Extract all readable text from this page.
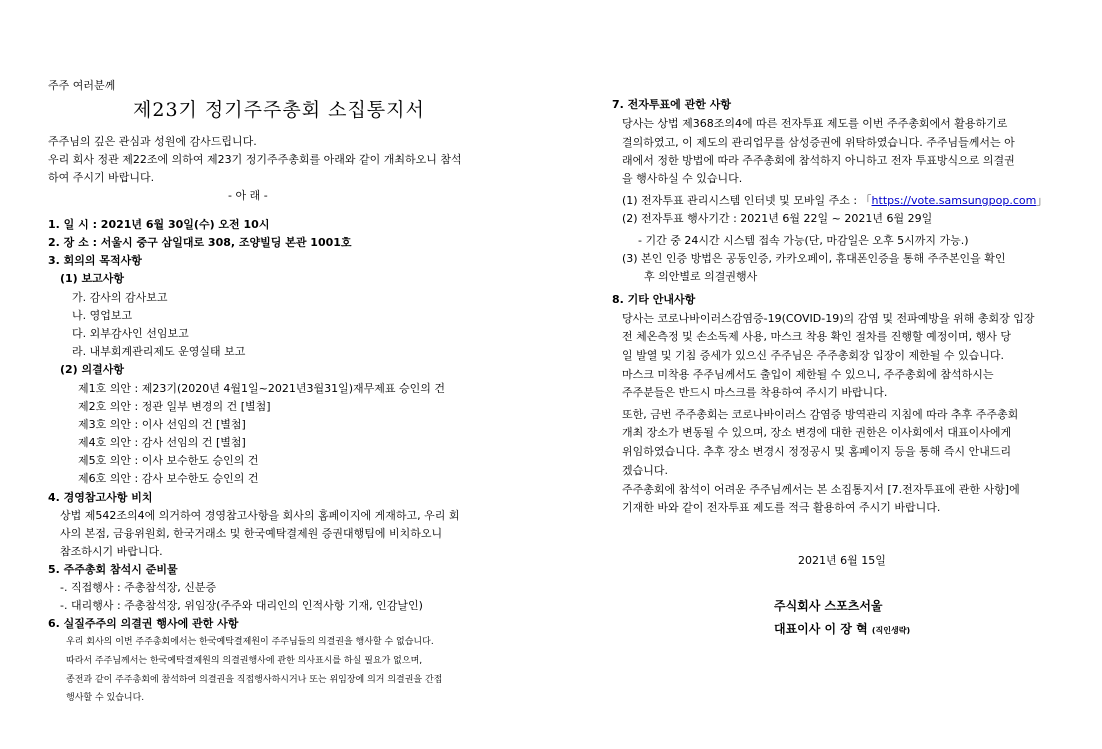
주주 여러분께
제23기 정기주주총회 소집통지서
주주님의 깊은 관심과 성원에 감사드립니다.
우리 회사 정관 제22조에 의하여 제23기 정기주주총회를 아래와 같이 개최하오니 참석
하여 주시기 바랍니다.
- 아 래 -
1. 일 시 : 2021년 6월 30일(수) 오전 10시
2. 장 소 : 서울시 중구 삼일대로 308, 조양빌딩 본관 1001호
3. 회의의 목적사항
(1) 보고사항
가. 감사의 감사보고
나. 영업보고
다. 외부감사인 선임보고
라. 내부회계관리제도 운영실태 보고
(2) 의결사항
제1호 의안 : 제23기(2020년 4월1일~2021년3월31일)재무제표 승인의 건
제2호 의안 : 정관 일부 변경의 건 [별첨]
제3호 의안 : 이사 선임의 건 [별첨]
제4호 의안 : 감사 선임의 건 [별첨]
제5호 의안 : 이사 보수한도 승인의 건
제6호 의안 : 감사 보수한도 승인의 건
4. 경영참고사항 비치
상법 제542조의4에 의거하여 경영참고사항을 회사의 홈페이지에 게재하고, 우리 회
사의 본점, 금융위원회, 한국거래소 및 한국예탁결제원 증권대행팀에 비치하오니
참조하시기 바랍니다.
5. 주주총회 참석시 준비물
-. 직접행사 : 주총참석장, 신분증
-. 대리행사 : 주총참석장, 위임장(주주와 대리인의 인적사항 기재, 인감날인)
6. 실질주주의 의결권 행사에 관한 사항
우리 회사의 이번 주주총회에서는 한국예탁결제원이 주주님들의 의결권을 행사할 수 없습니다.
따라서 주주님께서는 한국예탁결제원의 의결권행사에 관한 의사표시를 하실 필요가 없으며,
종전과 같이 주주총회에 참석하여 의결권을 직접행사하시거나 또는 위임장에 의거 의결권을 간접
행사할 수 있습니다.
7. 전자투표에 관한 사항
당사는 상법 제368조의4에 따른 전자투표 제도를 이번 주주총회에서 활용하기로
결의하였고, 이 제도의 관리업무를 삼성증권에 위탁하였습니다. 주주님들께서는 아
래에서 정한 방법에 따라 주주총회에 참석하지 아니하고 전자 투표방식으로 의결권
을 행사하실 수 있습니다.
(1) 전자투표 관리시스템 인터넷 및 모바일 주소 : 「https://vote.samsungpop.com」
(2) 전자투표 행사기간 : 2021년 6월 22일 ~ 2021년 6월 29일
- 기간 중 24시간 시스템 접속 가능(단, 마감일은 오후 5시까지 가능.)
(3) 본인 인증 방법은 공동인증, 카카오페이, 휴대폰인증을 통해 주주본인을 확인
후 의안별로 의결권행사
8. 기타 안내사항
당사는 코로나바이러스감염증-19(COVID-19)의 감염 및 전파예방을 위해 총회장 입장
전 체온측정 및 손소독제 사용, 마스크 착용 확인 절차를 진행할 예정이며, 행사 당
일 발열 및 기침 증세가 있으신 주주님은 주주총회장 입장이 제한될 수 있습니다.
마스크 미착용 주주님께서도 출입이 제한될 수 있으니, 주주총회에 참석하시는
주주분들은 반드시 마스크를 착용하여 주시기 바랍니다.
또한, 금번 주주총회는 코로나바이러스 감염증 방역관리 지침에 따라 추후 주주총회
개최 장소가 변동될 수 있으며, 장소 변경에 대한 권한은 이사회에서 대표이사에게
위임하였습니다. 추후 장소 변경시 정정공시 및 홈페이지 등을 통해 즉시 안내드리
겠습니다.
주주총회에 참석이 어려운 주주님께서는 본 소집통지서 [7.전자투표에 관한 사항]에
기재한 바와 같이 전자투표 제도를 적극 활용하여 주시기 바랍니다.
2021년 6월 15일
주식회사 스포츠서울
대표이사 이 장 혁 (직인생략)
